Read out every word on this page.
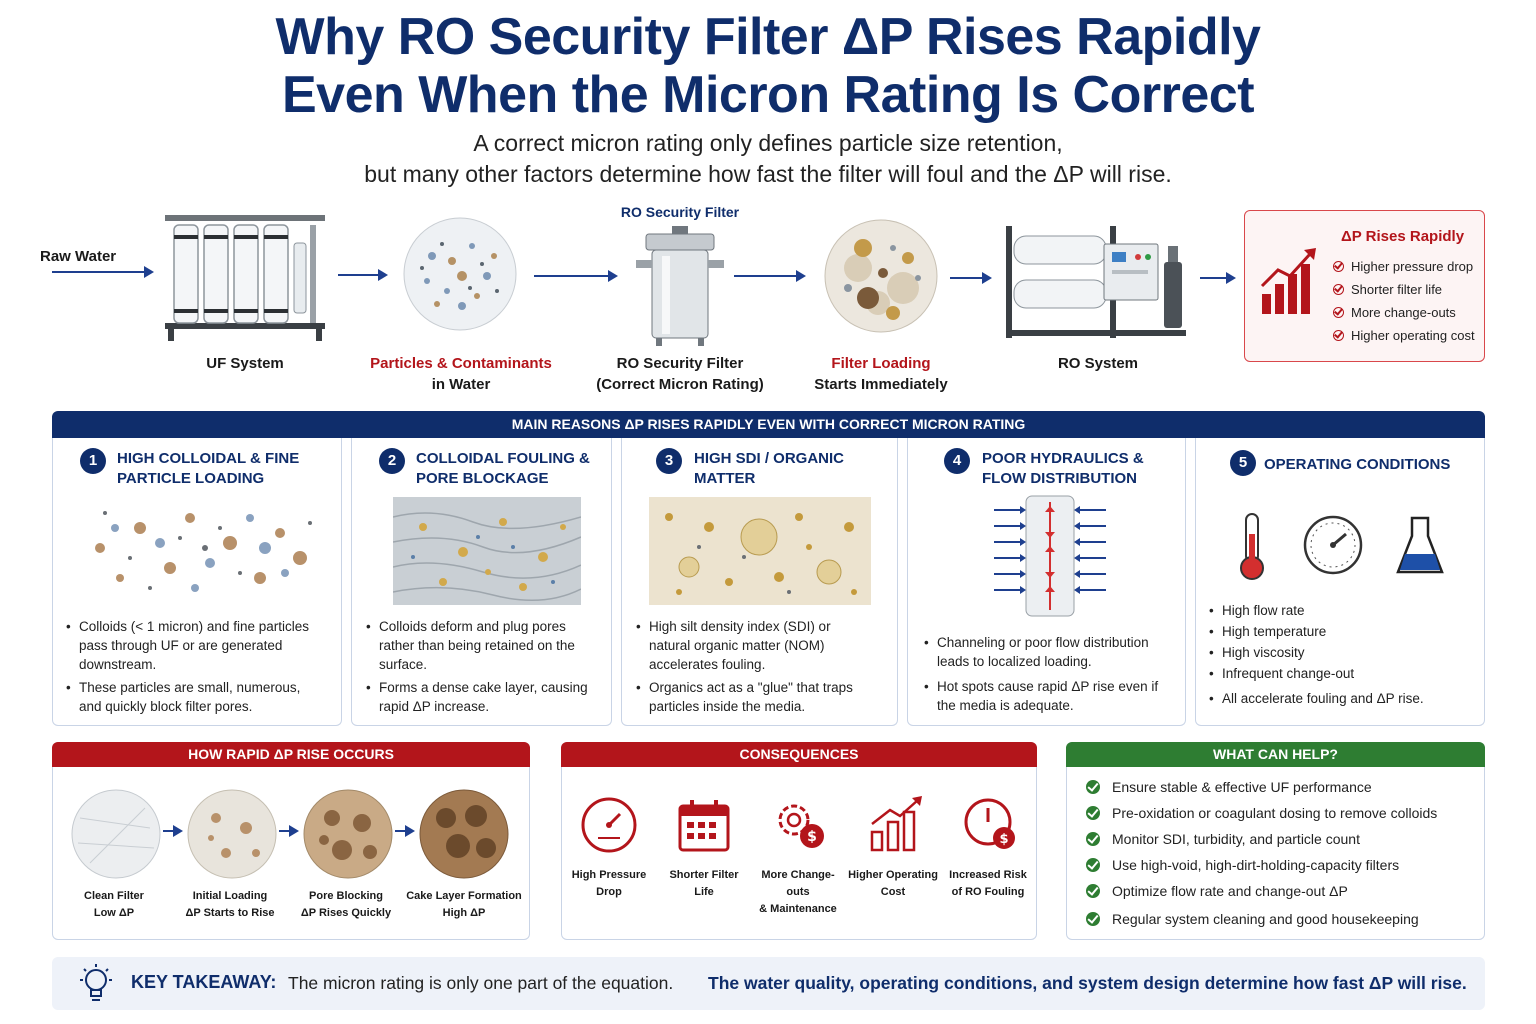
Why RO Security Filter ΔP Rises Rapidly
Even When the Micron Rating Is Correct
A correct micron rating only defines particle size retention,
but many other factors determine how fast the filter will foul and the ΔP will rise.
Raw Water
UF System	Particles & Contaminants
in Water
RO Security Filter
RO Security Filter
(Correct Micron Rating)
Filter Loading
Starts Immediately
RO System
ΔP Rises Rapidly
Higher pressure drop
Shorter filter life
More change-outs
Higher operating cost
MAIN REASONS ΔP RISES RAPIDLY EVEN WITH CORRECT MICRON RATING
1	HIGH COLLOIDAL & FINE
PARTICLE LOADING
• Colloids (< 1 micron) and fine particles
pass through UF or are generated
downstream.
• These particles are small, numerous,
and quickly block filter pores.
2	COLLOIDAL FOULING &
PORE BLOCKAGE
• Colloids deform and plug pores
rather than being retained on the
surface.
• Forms a dense cake layer, causing
rapid ΔP increase.
3	HIGH SDI / ORGANIC
MATTER
• High silt density index (SDI) or
natural organic matter (NOM)
accelerates fouling.
• Organics act as a "glue" that traps
particles inside the media.
4	POOR HYDRAULICS &
FLOW DISTRIBUTION
• Channeling or poor flow distribution
leads to localized loading.
• Hot spots cause rapid ΔP rise even if
the media is adequate.
5	OPERATING CONDITIONS
• High flow rate
• High temperature
• High viscosity
• Infrequent change-out
• All accelerate fouling and ΔP rise.
HOW RAPID ΔP RISE OCCURS
Clean Filter
Low ΔP
Initial Loading
ΔP Starts to Rise
Pore Blocking
ΔP Rises Quickly
Cake Layer Formation
High ΔP
CONSEQUENCES
$	$
High Pressure
Drop
Shorter Filter
Life
More Change-outs
& Maintenance
Higher Operating
Cost
Increased Risk
of RO Fouling
WHAT CAN HELP?
Ensure stable & effective UF performance
Pre-oxidation or coagulant dosing to remove colloids
Monitor SDI, turbidity, and particle count
Use high-void, high-dirt-holding-capacity filters
Optimize flow rate and change-out ΔP
Regular system cleaning and good housekeeping
KEY TAKEAWAY: The micron rating is only one part of the equation. The water quality, operating conditions, and system design determine how fast ΔP will rise.
